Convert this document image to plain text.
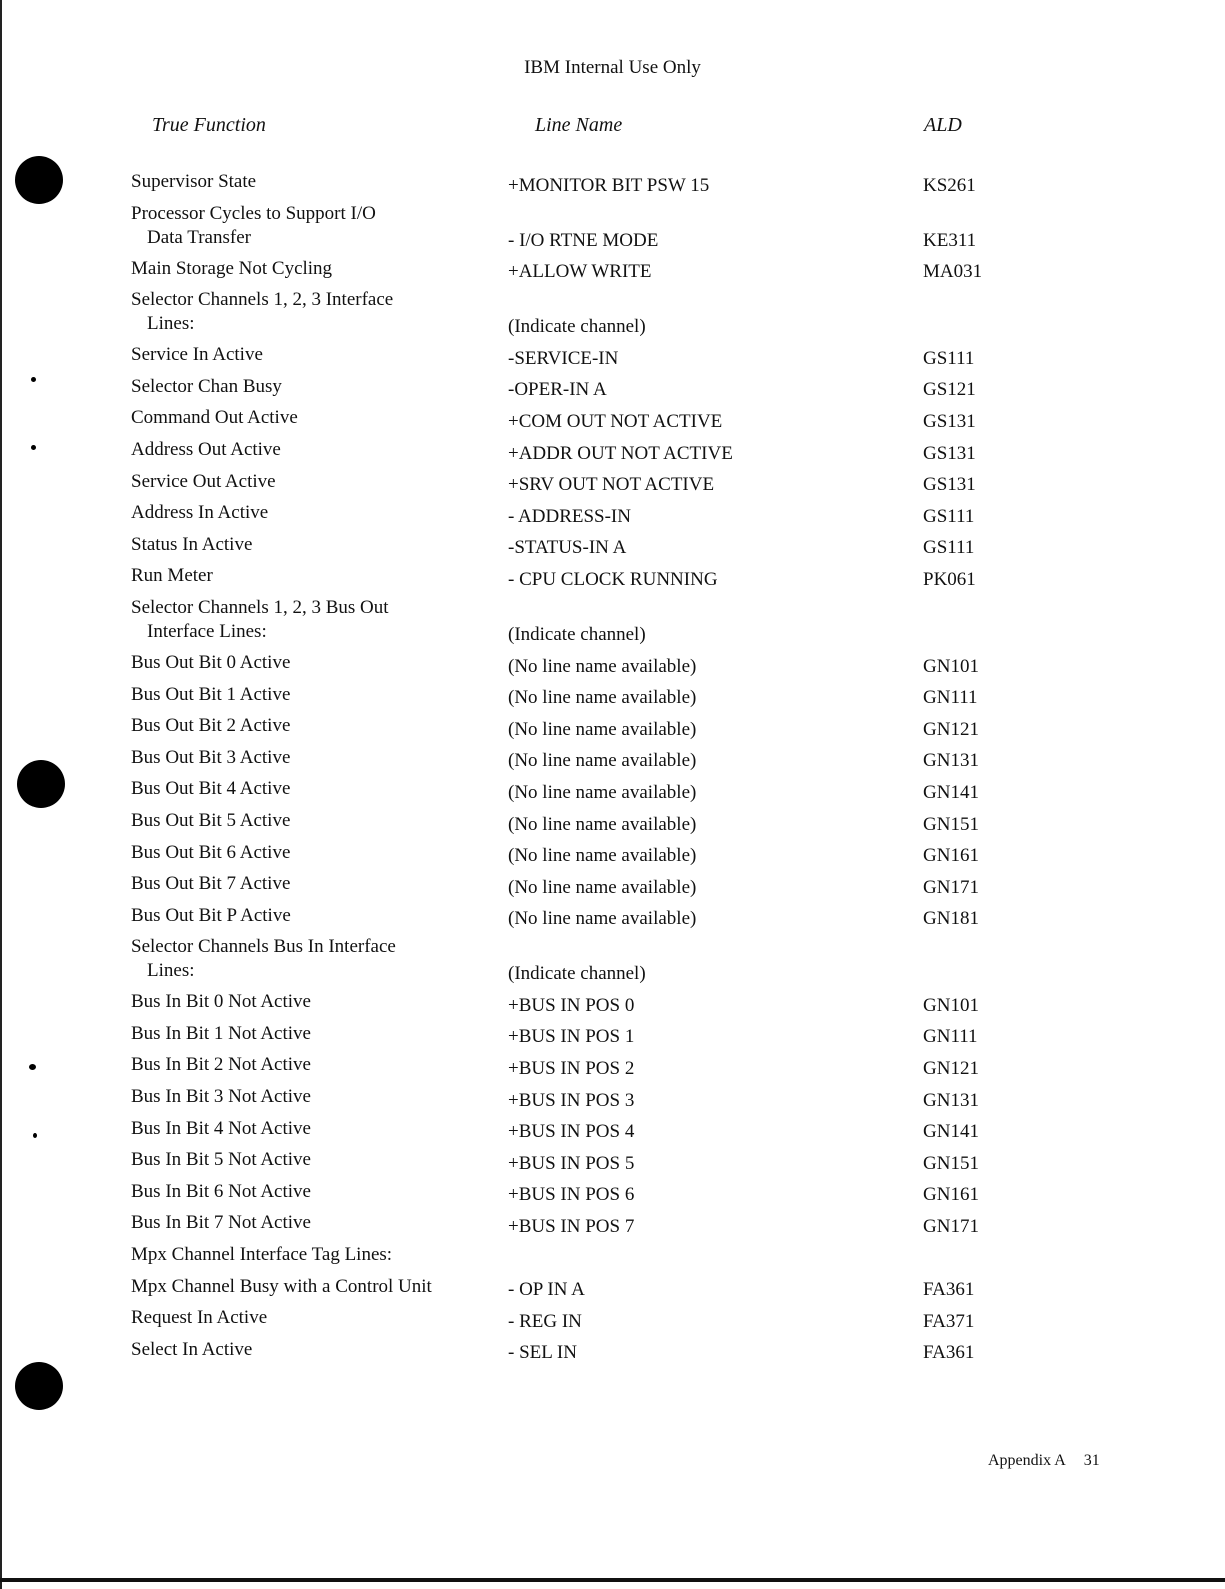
IBM Internal Use Only
True Function	Line Name	ALD
Supervisor State	+MONITOR BIT PSW 15	KS261
Processor Cycles to Support I/O
Data Transfer	- I/O RTNE MODE	KE311
Main Storage Not Cycling	+ALLOW WRITE	MA031
Selector Channels 1, 2, 3 Interface
Lines:	(Indicate channel)
Service In Active	-SERVICE-IN	GS111
Selector Chan Busy	-OPER-IN A	GS121
Command Out Active	+COM OUT NOT ACTIVE	GS131
Address Out Active	+ADDR OUT NOT ACTIVE	GS131
Service Out Active	+SRV OUT NOT ACTIVE	GS131
Address In Active	- ADDRESS-IN	GS111
Status In Active	-STATUS-IN A	GS111
Run Meter	- CPU CLOCK RUNNING	PK061
Selector Channels 1, 2, 3 Bus Out
Interface Lines:	(Indicate channel)
Bus Out Bit 0 Active	(No line name available)	GN101
Bus Out Bit 1 Active	(No line name available)	GN111
Bus Out Bit 2 Active	(No line name available)	GN121
Bus Out Bit 3 Active	(No line name available)	GN131
Bus Out Bit 4 Active	(No line name available)	GN141
Bus Out Bit 5 Active	(No line name available)	GN151
Bus Out Bit 6 Active	(No line name available)	GN161
Bus Out Bit 7 Active	(No line name available)	GN171
Bus Out Bit P Active	(No line name available)	GN181
Selector Channels Bus In Interface
Lines:	(Indicate channel)
Bus In Bit 0 Not Active	+BUS IN POS 0	GN101
Bus In Bit 1 Not Active	+BUS IN POS 1	GN111
Bus In Bit 2 Not Active	+BUS IN POS 2	GN121
Bus In Bit 3 Not Active	+BUS IN POS 3	GN131
Bus In Bit 4 Not Active	+BUS IN POS 4	GN141
Bus In Bit 5 Not Active	+BUS IN POS 5	GN151
Bus In Bit 6 Not Active	+BUS IN POS 6	GN161
Bus In Bit 7 Not Active	+BUS IN POS 7	GN171
Mpx Channel Interface Tag Lines:
Mpx Channel Busy with a Control Unit	- OP IN A	FA361
Request In Active	- REG IN	FA371
Select In Active	- SEL IN	FA361
Appendix A 31
